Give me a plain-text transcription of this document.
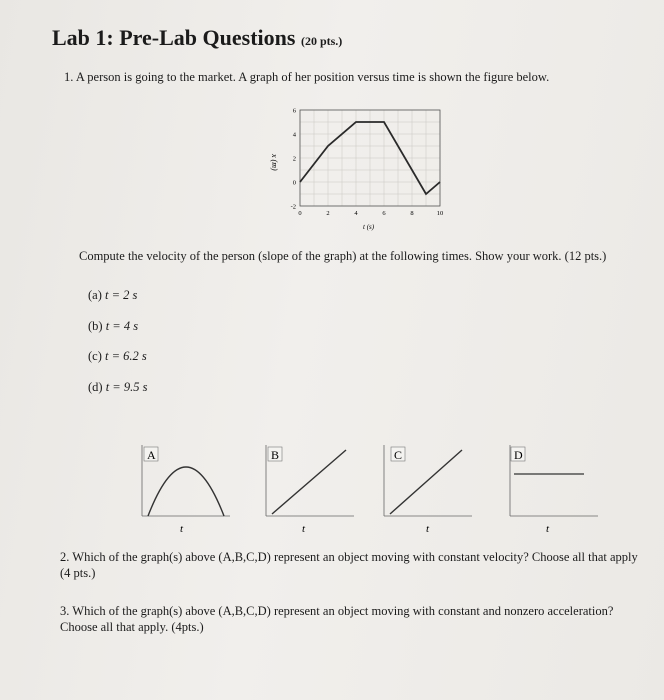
Lab 1: Pre-Lab Questions (20 pts.)
1. A person is going to the market. A graph of her position versus time is shown the figure below.
6
4
2
0
-2
0	2	4	6	8	10
x (m)
t (s)
Compute the velocity of the person (slope of the graph) at the following times. Show your work. (12 pts.)
(a) t = 2 s
(b) t = 4 s
(c) t = 6.2 s
(d) t = 9.5 s
A
t
B
t
C
t
D
t
2. Which of the graph(s) above (A,B,C,D) represent an object moving with constant velocity? Choose all that apply (4 pts.)
3. Which of the graph(s) above (A,B,C,D) represent an object moving with constant and nonzero acceleration? Choose all that apply. (4pts.)
